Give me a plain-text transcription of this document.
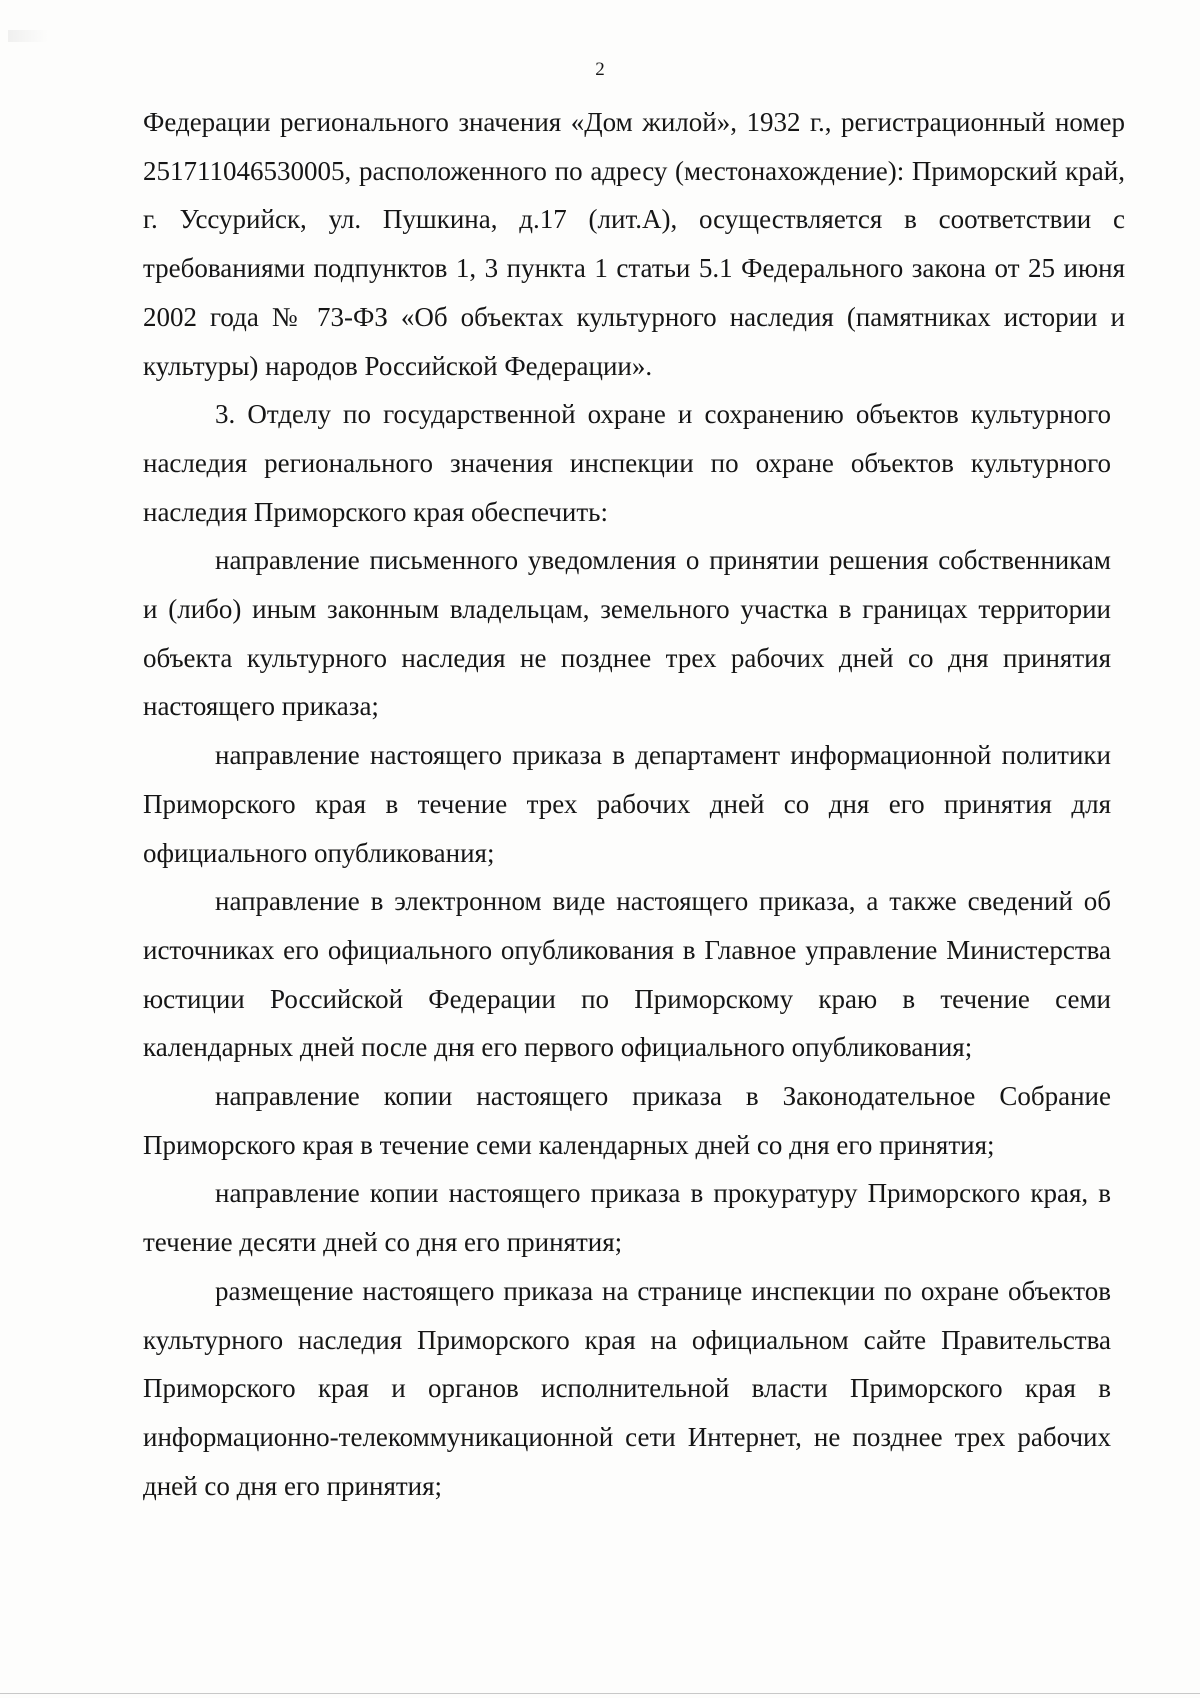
2

Федерации регионального значения «Дом жилой», 1932 г., регистрационный номер 251711046530005, расположенного по адресу (местонахождение): Приморский край, г. Уссурийск, ул. Пушкина, д.17 (лит.А), осуществляется в соответствии с требованиями подпунктов 1, 3 пункта 1 статьи 5.1 Федерального закона от 25 июня 2002 года № 73-ФЗ «Об объектах культурного наследия (памятниках истории и культуры) народов Российской Федерации».

3. Отделу по государственной охране и сохранению объектов культурного наследия регионального значения инспекции по охране объектов культурного наследия Приморского края обеспечить:

направление письменного уведомления о принятии решения собственникам и (либо) иным законным владельцам, земельного участка в границах территории объекта культурного наследия не позднее трех рабочих дней со дня принятия настоящего приказа;

направление настоящего приказа в департамент информационной политики Приморского края в течение трех рабочих дней со дня его принятия для официального опубликования;

направление в электронном виде настоящего приказа, а также сведений об источниках его официального опубликования в Главное управление Министерства юстиции Российской Федерации по Приморскому краю в течение семи календарных дней после дня его первого официального опубликования;

направление копии настоящего приказа в Законодательное Собрание Приморского края в течение семи календарных дней со дня его принятия;

направление копии настоящего приказа в прокуратуру Приморского края, в течение десяти дней со дня его принятия;

размещение настоящего приказа на странице инспекции по охране объектов культурного наследия Приморского края на официальном сайте Правительства Приморского края и органов исполнительной власти Приморского края в информационно-телекоммуникационной сети Интернет, не позднее трех рабочих дней со дня его принятия;
